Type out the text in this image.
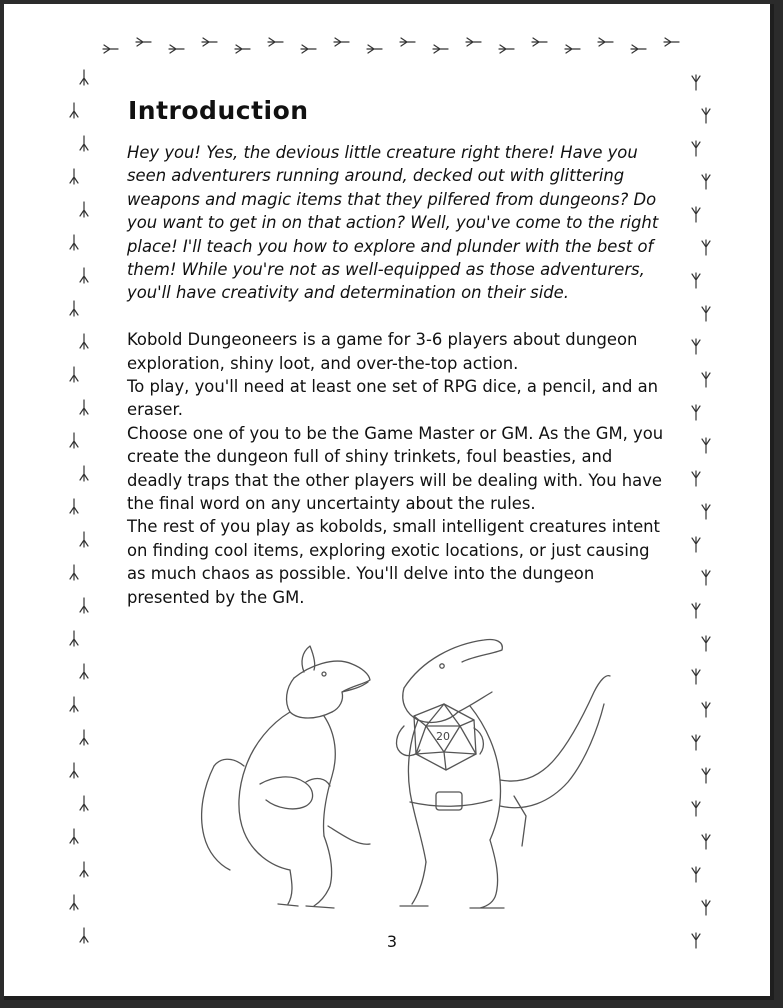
Introduction

Hey you! Yes, the devious little creature right there! Have you seen adventurers running around, decked out with glittering weapons and magic items that they pilfered from dungeons? Do you want to get in on that action? Well, you've come to the right place! I'll teach you how to explore and plunder with the best of them! While you're not as well-equipped as those adventurers, you'll have creativity and determination on their side.

Kobold Dungeoneers is a game for 3-6 players about dungeon exploration, shiny loot, and over-the-top action.

To play, you'll need at least one set of RPG dice, a pencil, and an eraser.

Choose one of you to be the Game Master or GM. As the GM, you create the dungeon full of shiny trinkets, foul beasties, and deadly traps that the other players will be dealing with. You have the final word on any uncertainty about the rules.

The rest of you play as kobolds, small intelligent creatures intent on finding cool items, exploring exotic locations, or just causing as much chaos as possible. You'll delve into the dungeon presented by the GM.

20
3
